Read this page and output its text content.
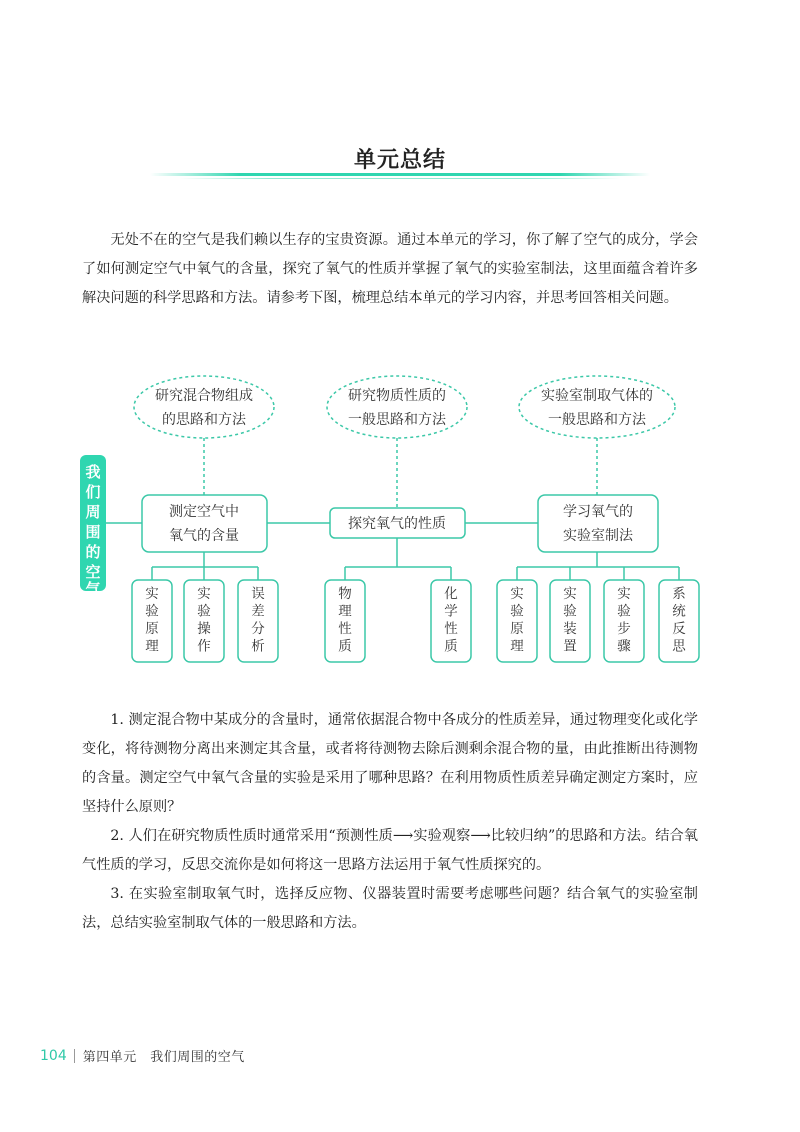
单元总结

无处不在的空气是我们赖以生存的宝贵资源。通过本单元的学习，你了解了空气的成分，学会了如何测定空气中氧气的含量，探究了氧气的性质并掌握了氧气的实验室制法，这里面蕴含着许多解决问题的科学思路和方法。请参考下图，梳理总结本单元的学习内容，并思考回答相关问题。

研究混合物组成
的思路和方法
研究物质性质的
一般思路和方法
实验室制取气体的
一般思路和方法
我
们
周
围
的
空
气
测定空气中
氧气的含量
探究氧气的性质
学习氧气的
实验室制法
实
验
原
理
实
验
操
作
误
差
分
析
物
理
性
质
化
学
性
质
实
验
原
理
实
验
装
置
实
验
步
骤
系
统
反
思

1. 测定混合物中某成分的含量时，通常依据混合物中各成分的性质差异，通过物理变化或化学变化，将待测物分离出来测定其含量，或者将待测物去除后测剩余混合物的量，由此推断出待测物的含量。测定空气中氧气含量的实验是采用了哪种思路？在利用物质性质差异确定测定方案时，应坚持什么原则？

2. 人们在研究物质性质时通常采用“预测性质⟶实验观察⟶比较归纳”的思路和方法。结合氧气性质的学习，反思交流你是如何将这一思路方法运用于氧气性质探究的。

3. 在实验室制取氧气时，选择反应物、仪器装置时需要考虑哪些问题？结合氧气的实验室制法，总结实验室制取气体的一般思路和方法。

104 第四单元　我们周围的空气
